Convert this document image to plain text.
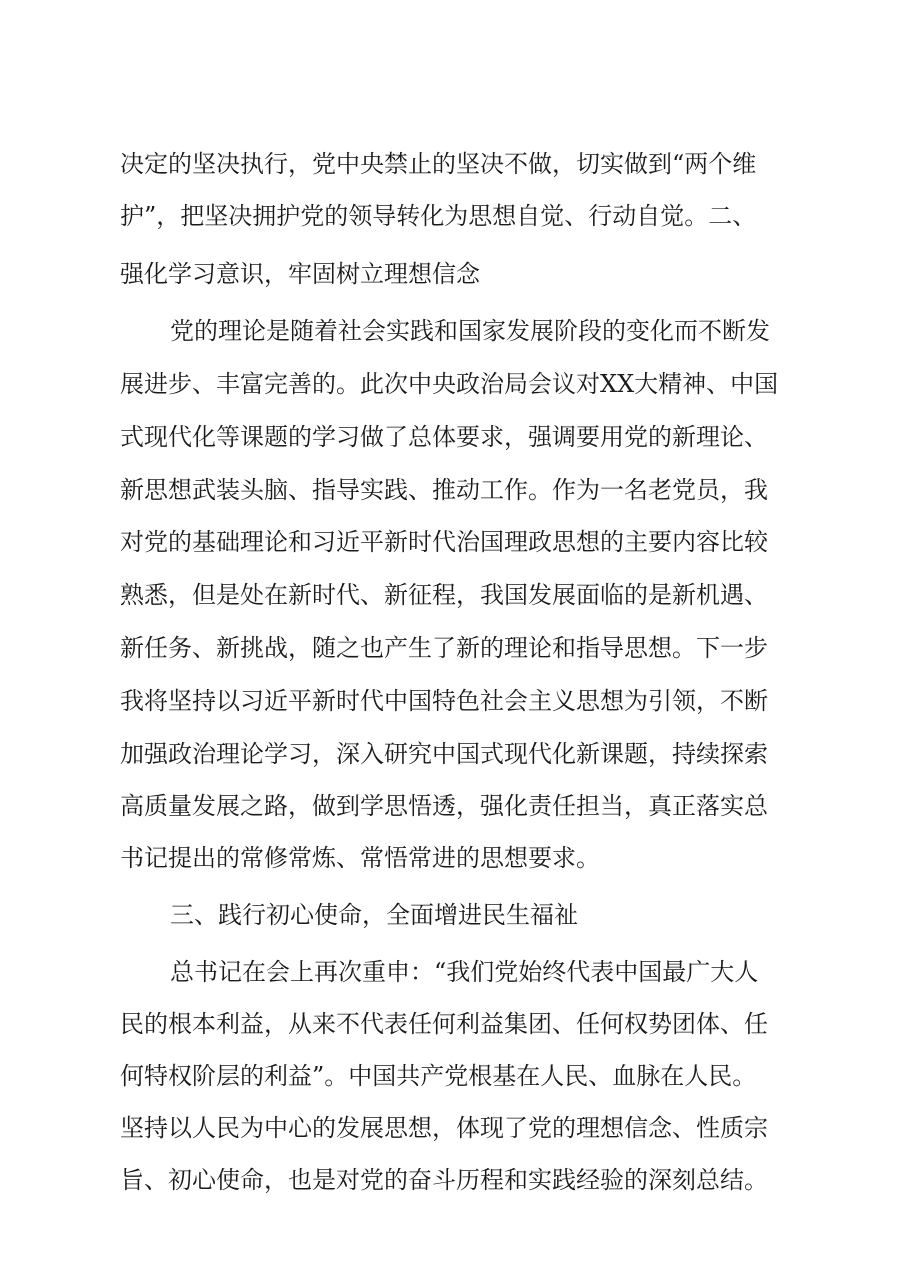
决定的坚决执行，党中央禁止的坚决不做，切实做到“两个维
护”，把坚决拥护党的领导转化为思想自觉、行动自觉。二、
强化学习意识，牢固树立理想信念
党的理论是随着社会实践和国家发展阶段的变化而不断发
展进步、丰富完善的。此次中央政治局会议对XX大精神、中国
式现代化等课题的学习做了总体要求，强调要用党的新理论、
新思想武装头脑、指导实践、推动工作。作为一名老党员，我
对党的基础理论和习近平新时代治国理政思想的主要内容比较
熟悉，但是处在新时代、新征程，我国发展面临的是新机遇、
新任务、新挑战，随之也产生了新的理论和指导思想。下一步
我将坚持以习近平新时代中国特色社会主义思想为引领，不断
加强政治理论学习，深入研究中国式现代化新课题，持续探索
高质量发展之路，做到学思悟透，强化责任担当，真正落实总
书记提出的常修常炼、常悟常进的思想要求。
三、践行初心使命，全面增进民生福祉
总书记在会上再次重申：“我们党始终代表中国最广大人
民的根本利益，从来不代表任何利益集团、任何权势团体、任
何特权阶层的利益”。中国共产党根基在人民、血脉在人民。
坚持以人民为中心的发展思想，体现了党的理想信念、性质宗
旨、初心使命，也是对党的奋斗历程和实践经验的深刻总结。
